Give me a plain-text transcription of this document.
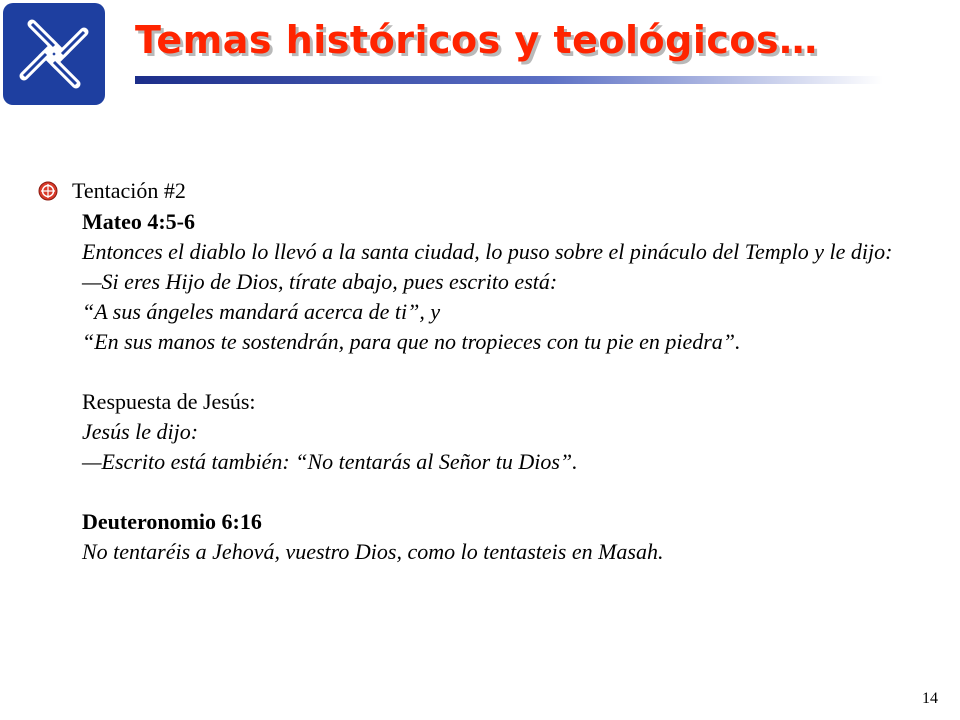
Temas históricos y teológicos…
Tentación #2
Mateo 4:5-6
Entonces el diablo lo llevó a la santa ciudad, lo puso sobre el pináculo del Templo y le dijo:
—Si eres Hijo de Dios, tírate abajo, pues escrito está:
“A sus ángeles mandará acerca de ti”, y
“En sus manos te sostendrán, para que no tropieces con tu pie en piedra”.
Respuesta de Jesús:
Jesús le dijo:
—Escrito está también: “No tentarás al Señor tu Dios”.
Deuteronomio 6:16
No tentaréis a Jehová, vuestro Dios, como lo tentasteis en Masah.
14
